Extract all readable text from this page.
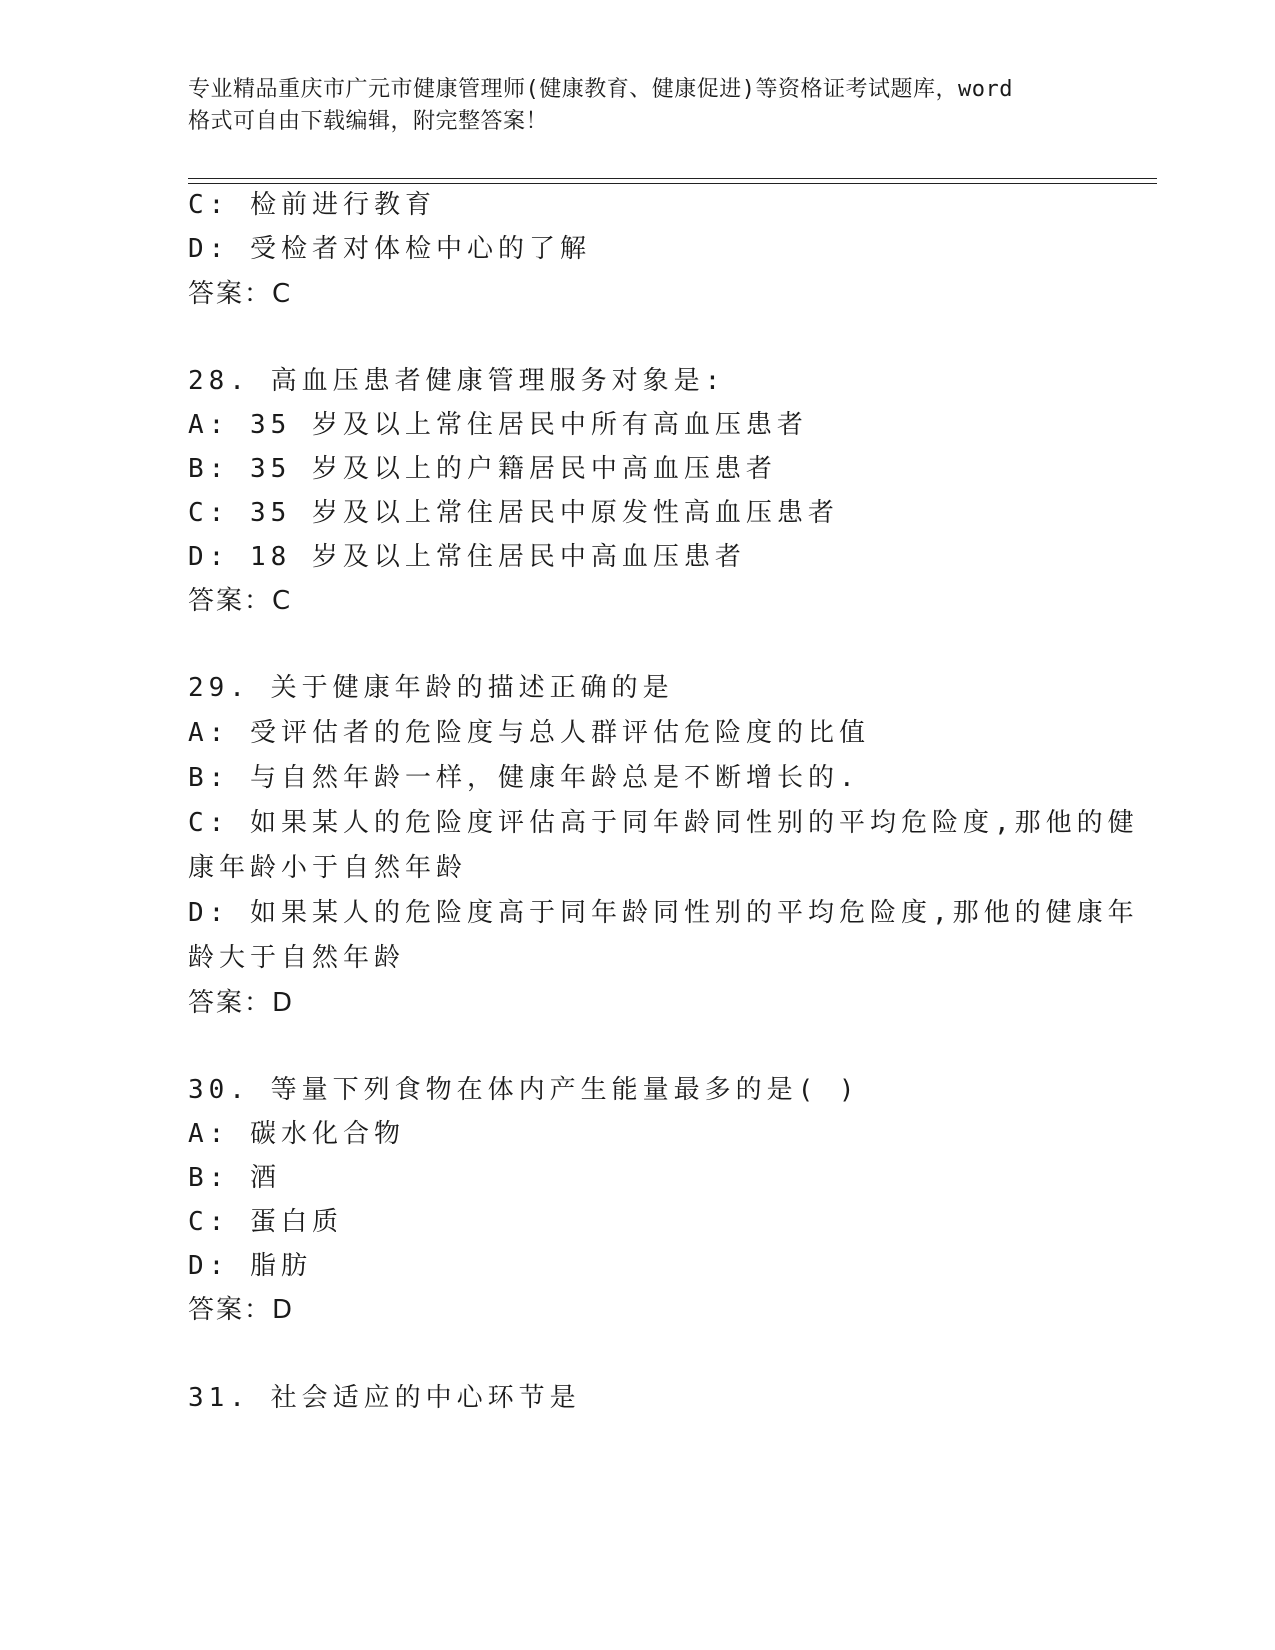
专业精品重庆市广元市健康管理师(健康教育、健康促进)等资格证考试题库，word
格式可自由下载编辑，附完整答案！
C: 检前进行教育
D: 受检者对体检中心的了解
答案：C
28. 高血压患者健康管理服务对象是:
A: 35 岁及以上常住居民中所有高血压患者
B: 35 岁及以上的户籍居民中高血压患者
C: 35 岁及以上常住居民中原发性高血压患者
D: 18 岁及以上常住居民中高血压患者
答案：C
29. 关于健康年龄的描述正确的是
A: 受评估者的危险度与总人群评估危险度的比值
B: 与自然年龄一样，健康年龄总是不断增长的.
C: 如果某人的危险度评估高于同年龄同性别的平均危险度,那他的健
康年龄小于自然年龄
D: 如果某人的危险度高于同年龄同性别的平均危险度,那他的健康年
龄大于自然年龄
答案：D
30. 等量下列食物在体内产生能量最多的是( )
A: 碳水化合物
B: 酒
C: 蛋白质
D: 脂肪
答案：D
31. 社会适应的中心环节是
